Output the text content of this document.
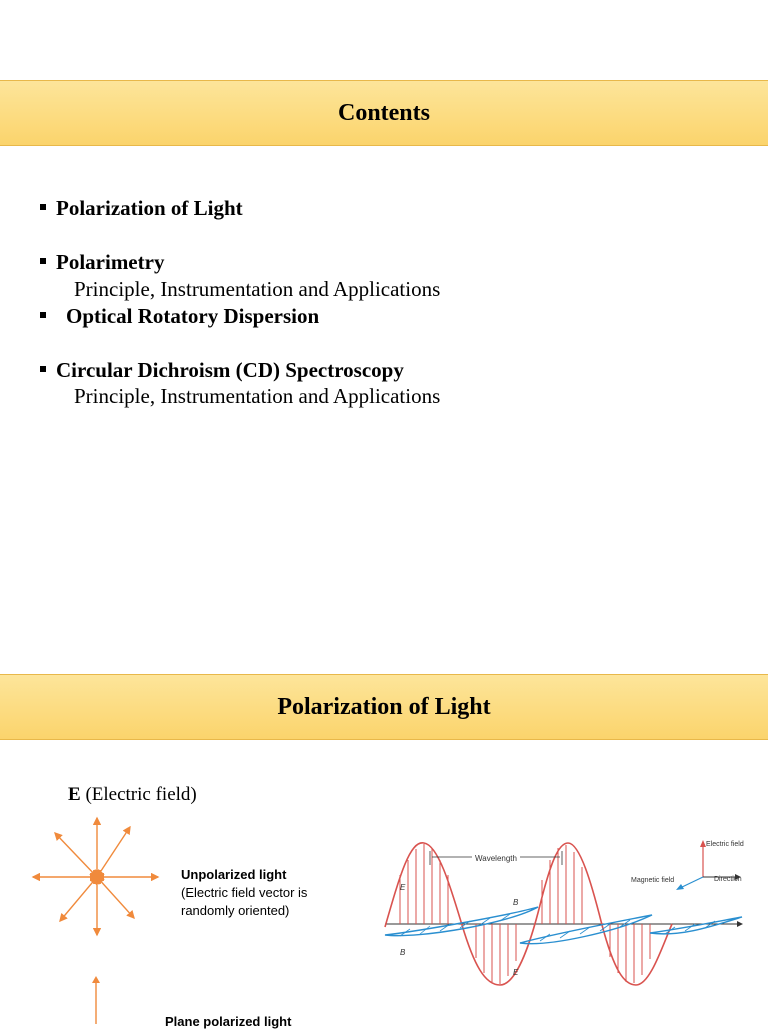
Contents
Polarization of Light
Polarimetry
Principle, Instrumentation and Applications
Optical Rotatory Dispersion
Circular Dichroism (CD) Spectroscopy
Principle, Instrumentation and Applications
Polarization of Light
E (Electric field)
Unpolarized light
(Electric field vector is randomly oriented)
Plane polarized light
Wavelength
E
B
B
E
Electric field
Magnetic field	Direction
